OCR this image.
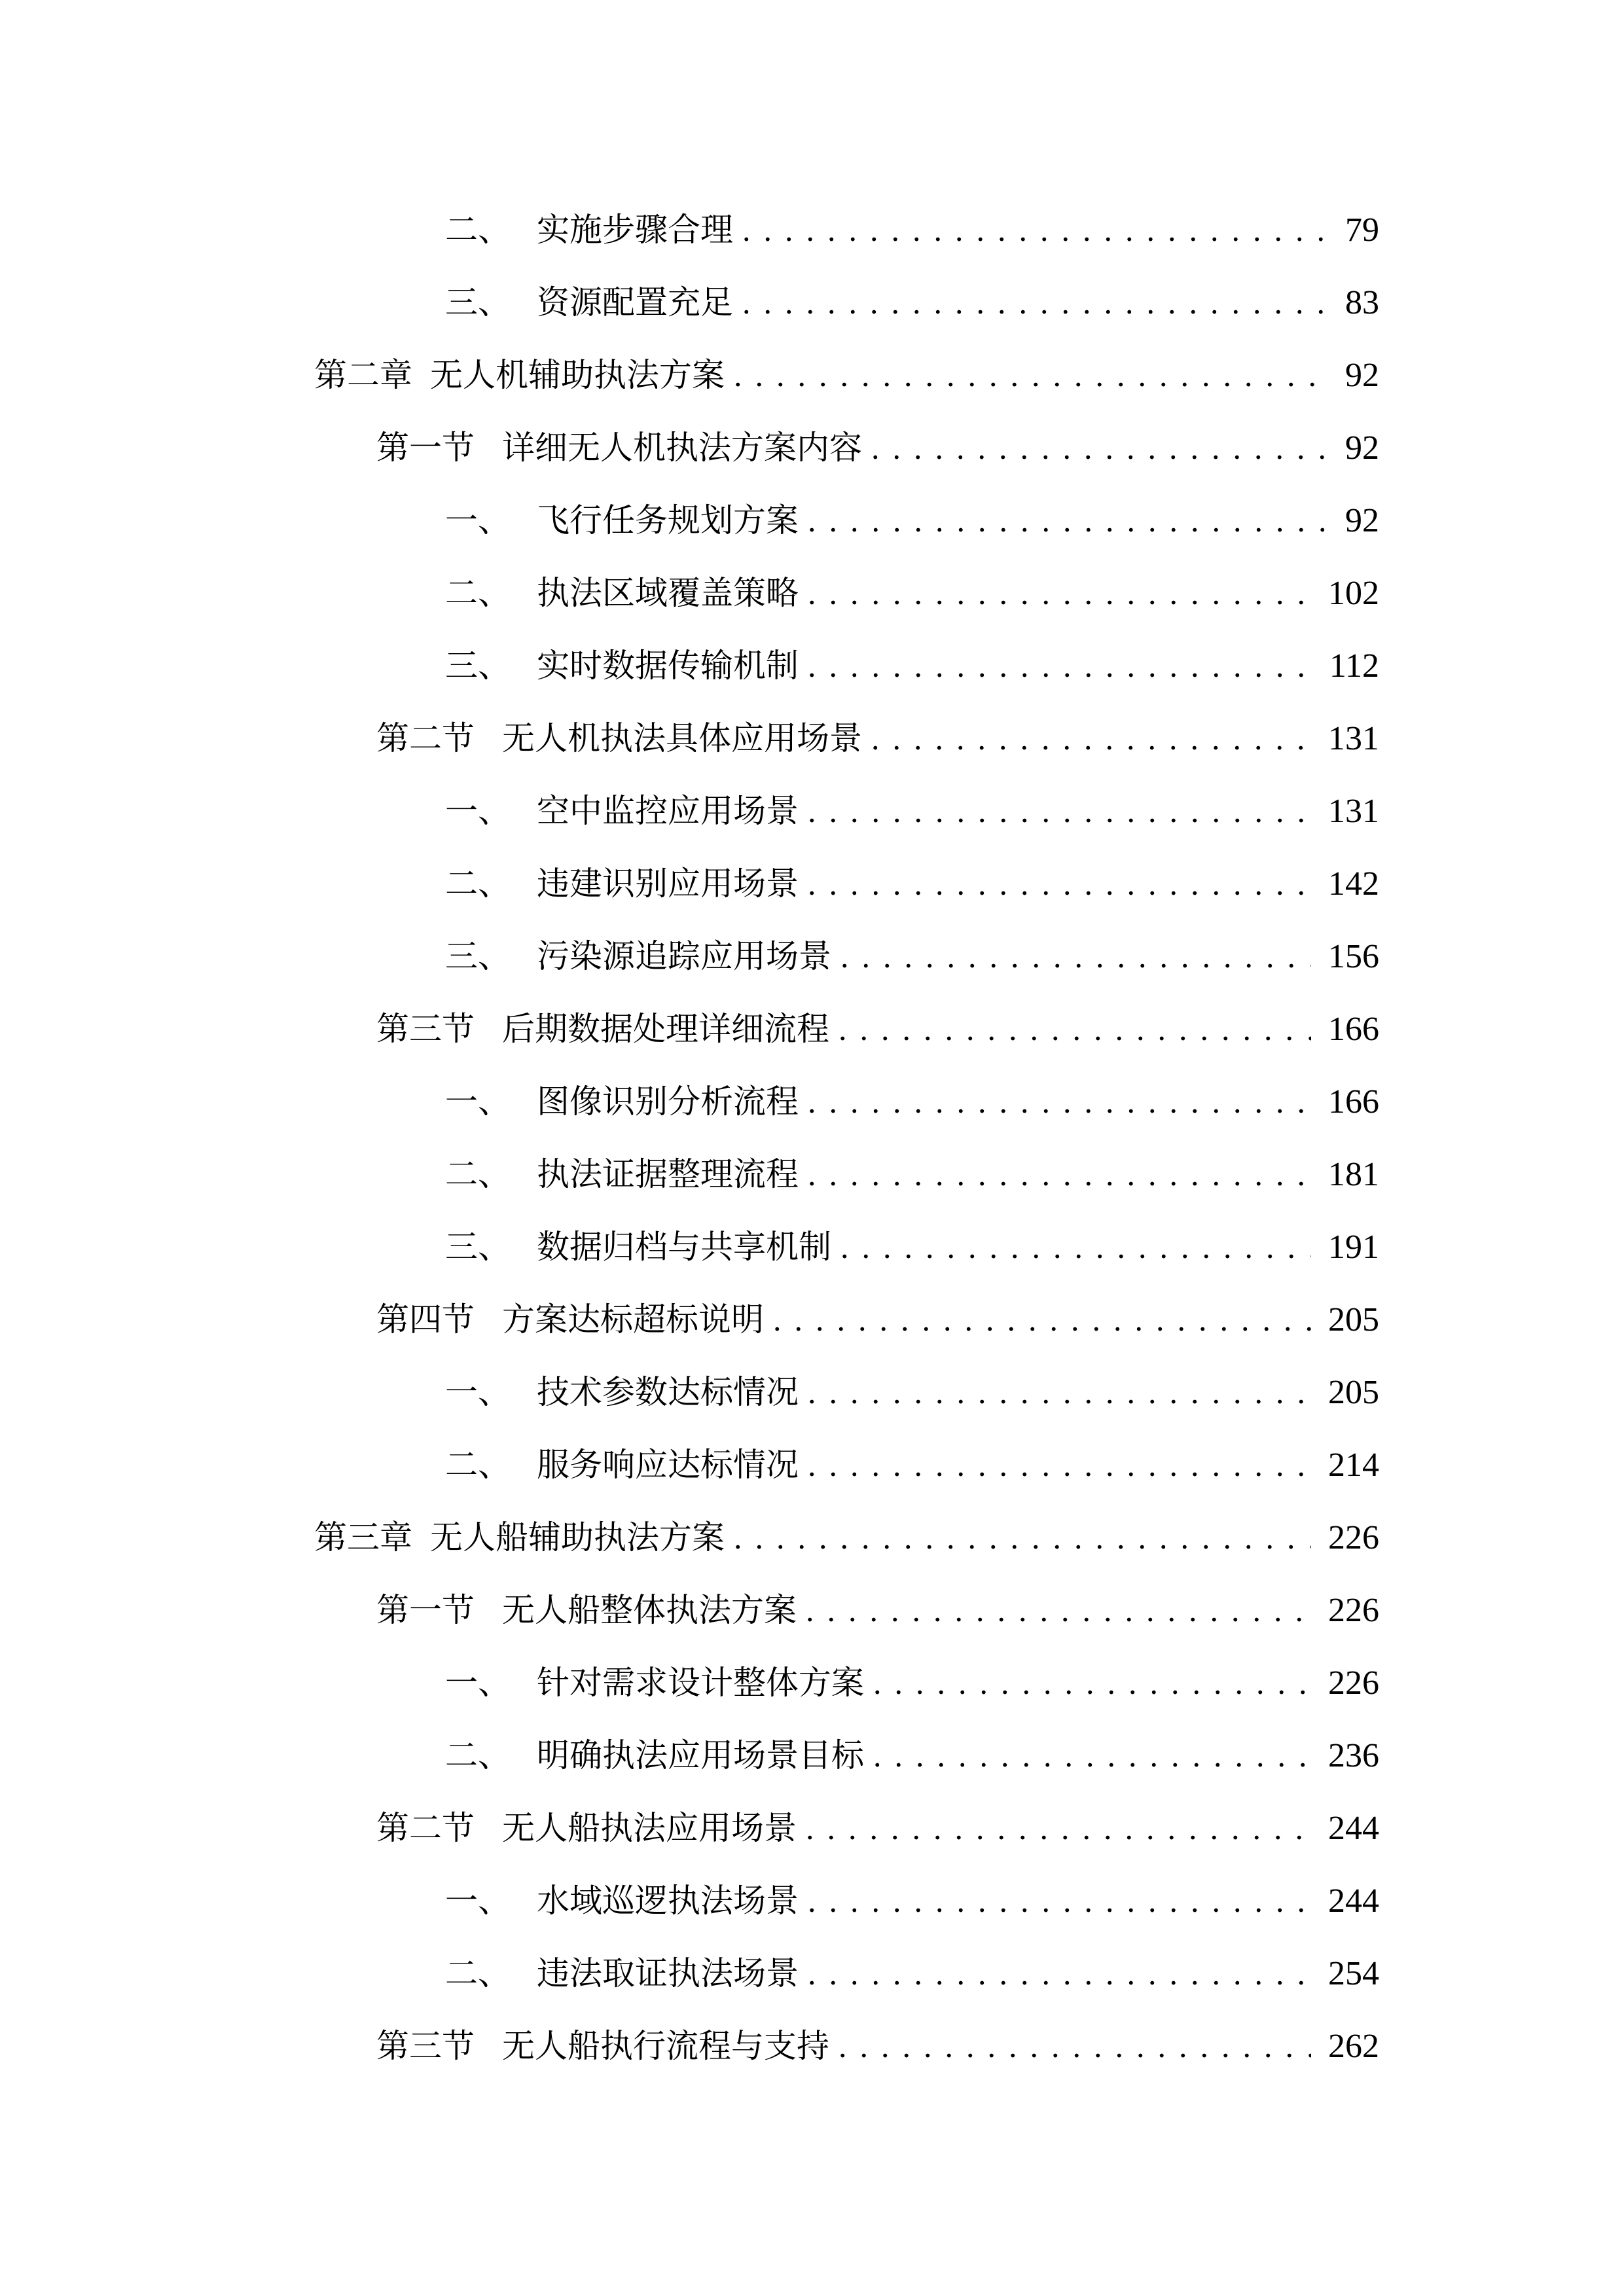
二、 实施步骤合理 .....	79
三、 资源配置充足 .....	83
第二章 无人机辅助执法方案 .....	92
第一节 详细无人机执法方案内容 .....	92
一、 飞行任务规划方案 .....	92
二、 执法区域覆盖策略 .....	102
三、 实时数据传输机制 .....	112
第二节 无人机执法具体应用场景 .....	131
一、 空中监控应用场景 .....	131
二、 违建识别应用场景 .....	142
三、 污染源追踪应用场景 .....	156
第三节 后期数据处理详细流程 .....	166
一、 图像识别分析流程 .....	166
二、 执法证据整理流程 .....	181
三、 数据归档与共享机制 .....	191
第四节 方案达标超标说明 .....	205
一、 技术参数达标情况 .....	205
二、 服务响应达标情况 .....	214
第三章 无人船辅助执法方案 .....	226
第一节 无人船整体执法方案 .....	226
一、 针对需求设计整体方案 .....	226
二、 明确执法应用场景目标 .....	236
第二节 无人船执法应用场景 .....	244
一、 水域巡逻执法场景 .....	244
二、 违法取证执法场景 .....	254
第三节 无人船执行流程与支持 .....	262
